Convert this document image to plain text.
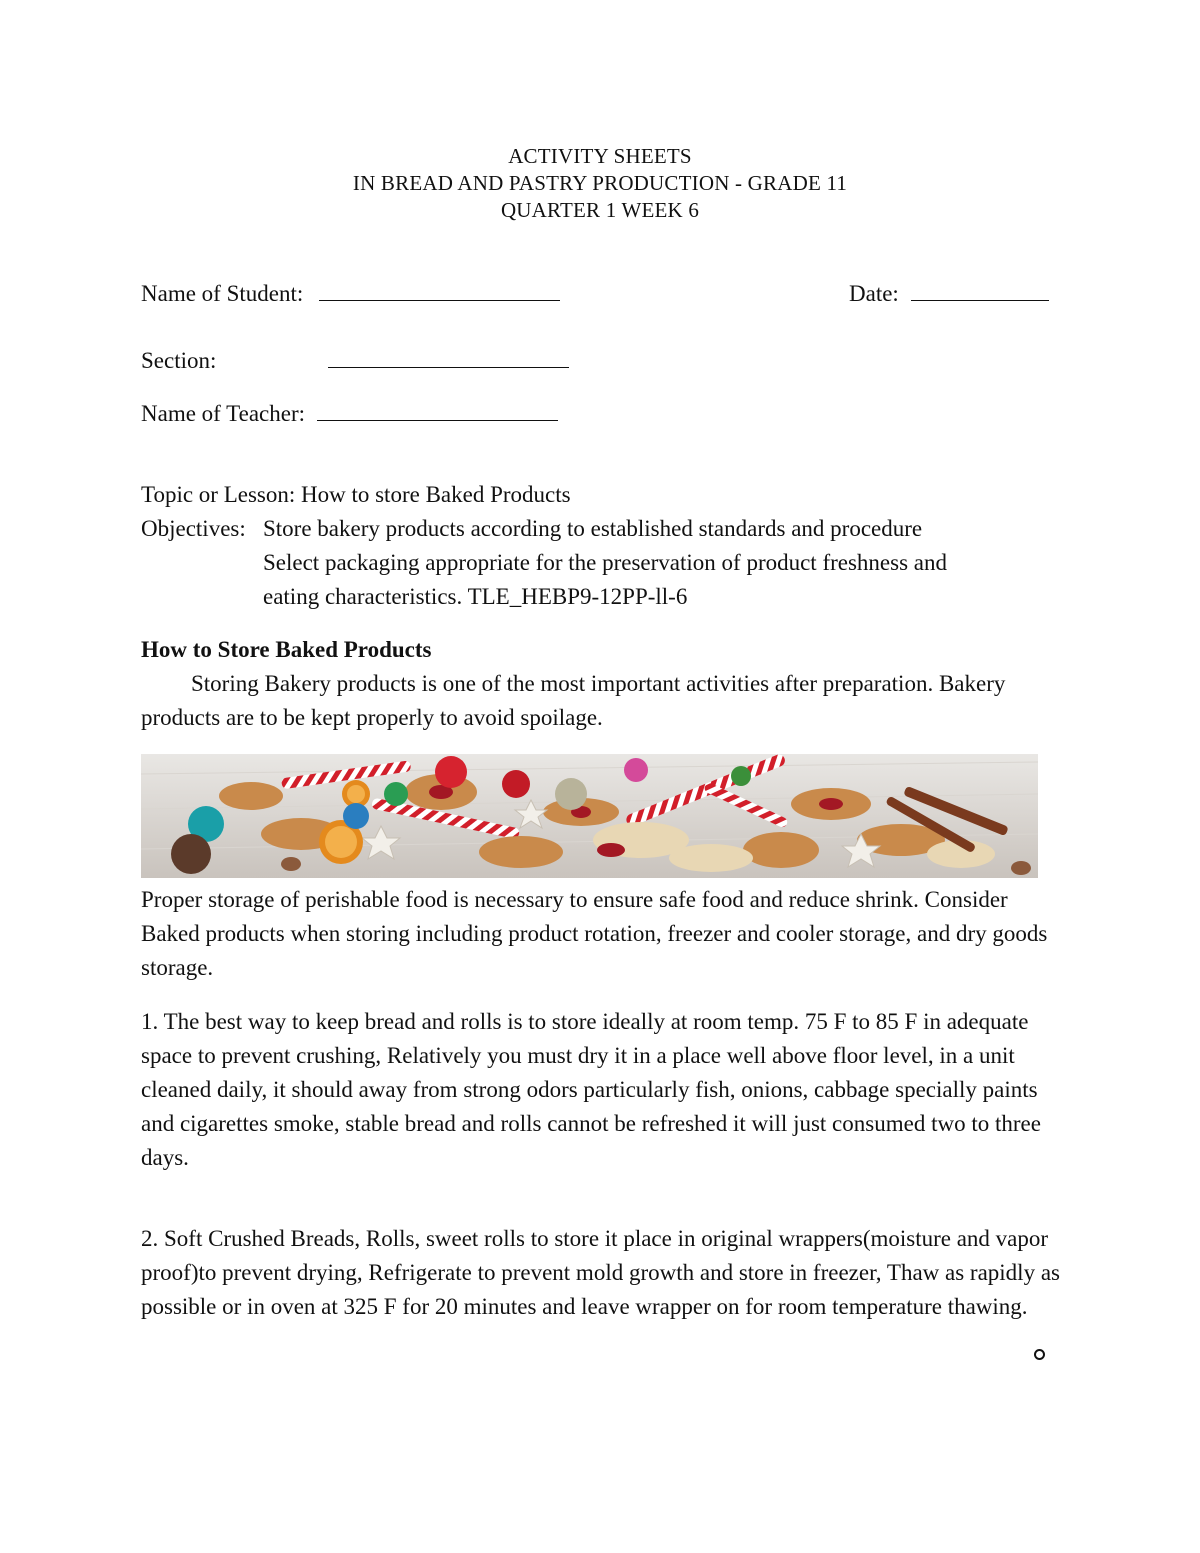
ACTIVITY SHEETS
IN BREAD AND PASTRY PRODUCTION - GRADE 11
QUARTER 1 WEEK 6
Name of Student:	Date:
Section:
Name of Teacher:
Topic or Lesson: How to store Baked Products
Objectives: Store bakery products according to established standards and procedure
Select packaging appropriate for the preservation of product freshness and
eating characteristics. TLE_HEBP9-12PP-ll-6
How to Store Baked Products

Storing Bakery products is one of the most important activities after preparation. Bakery products are to be kept properly to avoid spoilage.

Proper storage of perishable food is necessary to ensure safe food and reduce shrink. Consider Baked products when storing including product rotation, freezer and cooler storage, and dry goods storage.

1. The best way to keep bread and rolls is to store ideally at room temp. 75 F to 85 F in adequate space to prevent crushing, Relatively you must dry it in a place well above floor level, in a unit cleaned daily, it should away from strong odors particularly fish, onions, cabbage specially paints and cigarettes smoke, stable bread and rolls cannot be refreshed it will just consumed two to three days.

2. Soft Crushed Breads, Rolls, sweet rolls to store it place in original wrappers(moisture and vapor proof)to prevent drying, Refrigerate to prevent mold growth and store in freezer, Thaw as rapidly as possible or in oven at 325 F for 20 minutes and leave wrapper on for room temperature thawing.
